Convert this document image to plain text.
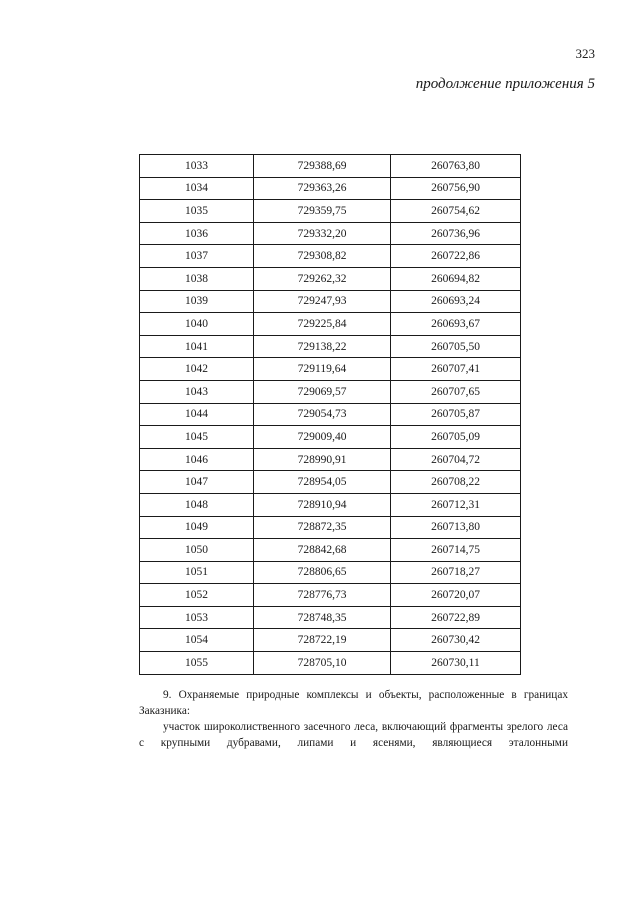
323
продолжение приложения 5
1033	729388,69	260763,80
1034	729363,26	260756,90
1035	729359,75	260754,62
1036	729332,20	260736,96
1037	729308,82	260722,86
1038	729262,32	260694,82
1039	729247,93	260693,24
1040	729225,84	260693,67
1041	729138,22	260705,50
1042	729119,64	260707,41
1043	729069,57	260707,65
1044	729054,73	260705,87
1045	729009,40	260705,09
1046	728990,91	260704,72
1047	728954,05	260708,22
1048	728910,94	260712,31
1049	728872,35	260713,80
1050	728842,68	260714,75
1051	728806,65	260718,27
1052	728776,73	260720,07
1053	728748,35	260722,89
1054	728722,19	260730,42
1055	728705,10	260730,11
9. Охраняемые природные комплексы и объекты, расположенные в границах Заказника:
участок широколиственного засечного леса, включающий фрагменты зрелого леса с крупными дубравами, липами и ясенями, являющиеся эталонными
